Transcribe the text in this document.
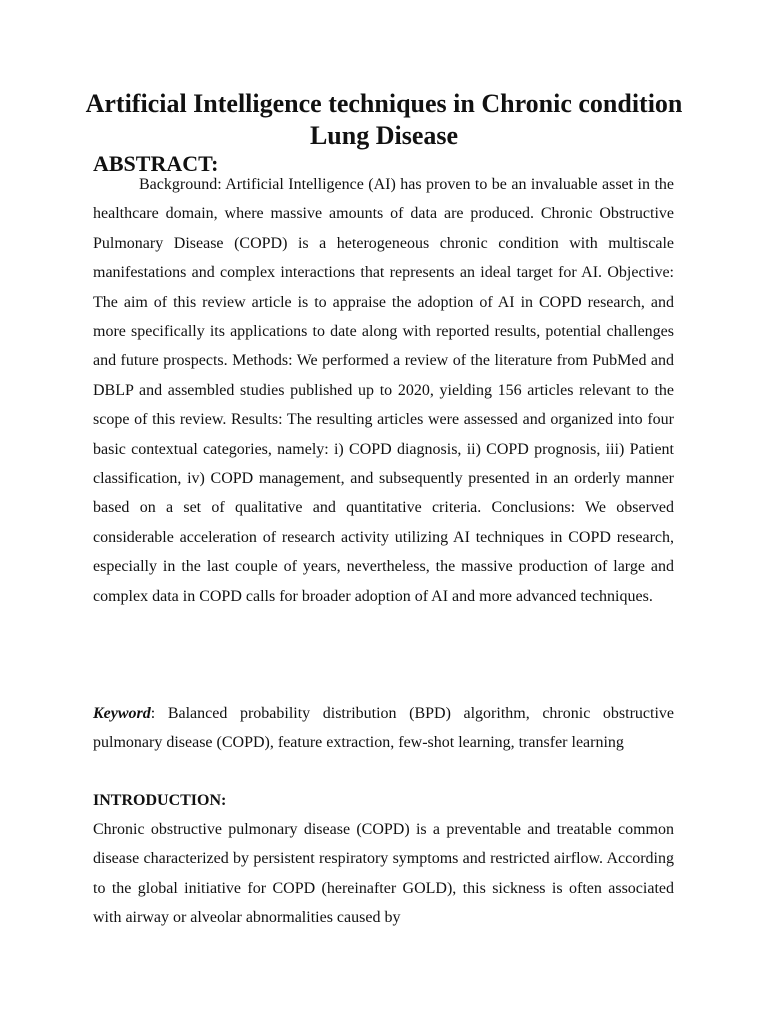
Artificial Intelligence techniques in Chronic condition Lung Disease
ABSTRACT:

Background: Artificial Intelligence (AI) has proven to be an invaluable asset in the healthcare domain, where massive amounts of data are produced. Chronic Obstructive Pulmonary Disease (COPD) is a heterogeneous chronic condition with multiscale manifestations and complex interactions that represents an ideal target for AI. Objective: The aim of this review article is to appraise the adoption of AI in COPD research, and more specifically its applications to date along with reported results, potential challenges and future prospects. Methods: We performed a review of the literature from PubMed and DBLP and assembled studies published up to 2020, yielding 156 articles relevant to the scope of this review. Results: The resulting articles were assessed and organized into four basic contextual categories, namely: i) COPD diagnosis, ii) COPD prognosis, iii) Patient classification, iv) COPD management, and subsequently presented in an orderly manner based on a set of qualitative and quantitative criteria. Conclusions: We observed considerable acceleration of research activity utilizing AI techniques in COPD research, especially in the last couple of years, nevertheless, the massive production of large and complex data in COPD calls for broader adoption of AI and more advanced techniques.

Keyword: Balanced probability distribution (BPD) algorithm, chronic obstructive pulmonary disease (COPD), feature extraction, few-shot learning, transfer learning

INTRODUCTION:

Chronic obstructive pulmonary disease (COPD) is a preventable and treatable common disease characterized by persistent respiratory symptoms and restricted airflow. According to the global initiative for COPD (hereinafter GOLD), this sickness is often associated with airway or alveolar abnormalities caused by
